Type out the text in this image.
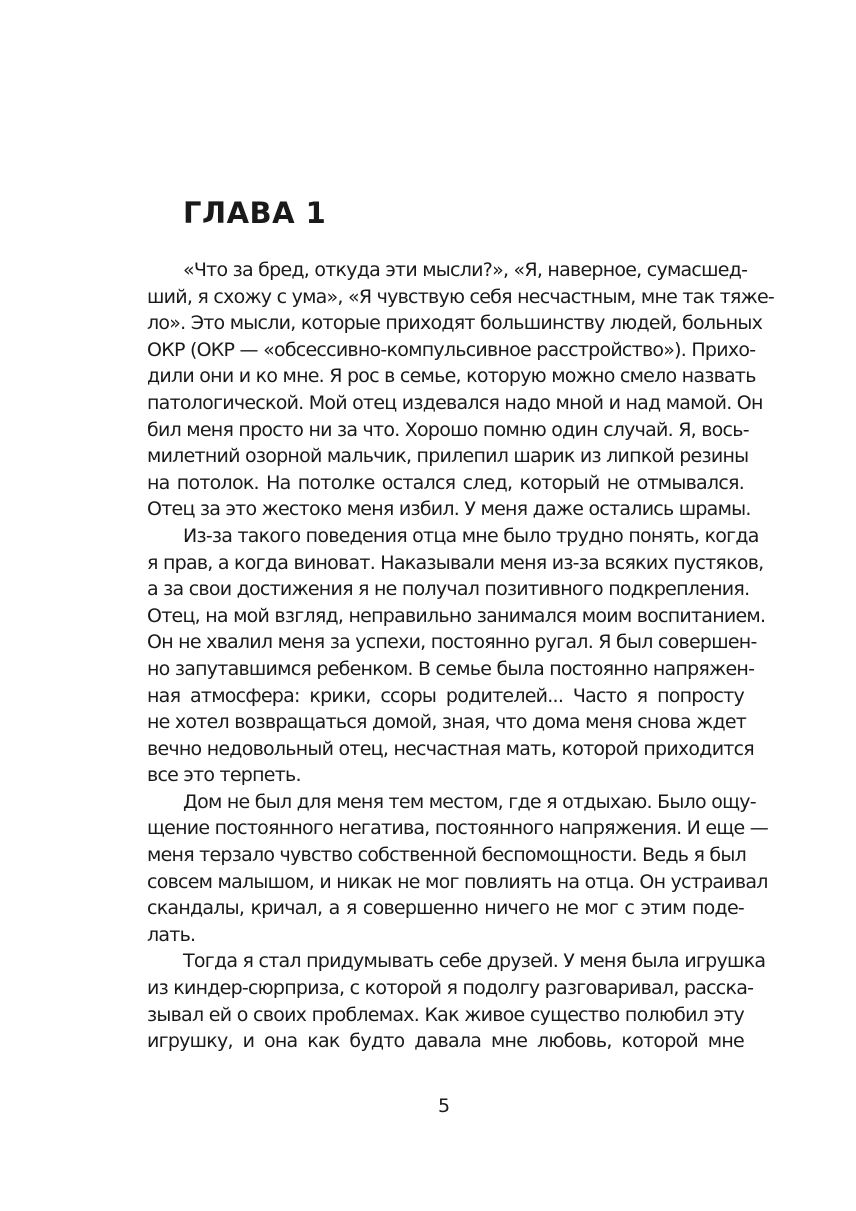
ГЛАВА 1
«Что за бред, откуда эти мысли?», «Я, наверное, сумасшед-
ший, я схожу с ума», «Я чувствую себя несчастным, мне так тяже-
ло». Это мысли, которые приходят большинству людей, больных
ОКР (ОКР — «обсессивно-компульсивное расстройство»). Прихо-
дили они и ко мне. Я рос в семье, которую можно смело назвать
патологической. Мой отец издевался надо мной и над мамой. Он
бил меня просто ни за что. Хорошо помню один случай. Я, вось-
милетний озорной мальчик, прилепил шарик из липкой резины
на потолок. На потолке остался след, который не отмывался.
Отец за это жестоко меня избил. У меня даже остались шрамы.
Из-за такого поведения отца мне было трудно понять, когда
я прав, а когда виноват. Наказывали меня из-за всяких пустяков,
а за свои достижения я не получал позитивного подкрепления.
Отец, на мой взгляд, неправильно занимался моим воспитанием.
Он не хвалил меня за успехи, постоянно ругал. Я был совершен-
но запутавшимся ребенком. В семье была постоянно напряжен-
ная атмосфера: крики, ссоры родителей... Часто я попросту
не хотел возвращаться домой, зная, что дома меня снова ждет
вечно недовольный отец, несчастная мать, которой приходится
все это терпеть.
Дом не был для меня тем местом, где я отдыхаю. Было ощу-
щение постоянного негатива, постоянного напряжения. И еще —
меня терзало чувство собственной беспомощности. Ведь я был
совсем малышом, и никак не мог повлиять на отца. Он устраивал
скандалы, кричал, а я совершенно ничего не мог с этим поде-
лать.
Тогда я стал придумывать себе друзей. У меня была игрушка
из киндер-сюрприза, с которой я подолгу разговаривал, расска-
зывал ей о своих проблемах. Как живое существо полюбил эту
игрушку, и она как будто давала мне любовь, которой мне
5
